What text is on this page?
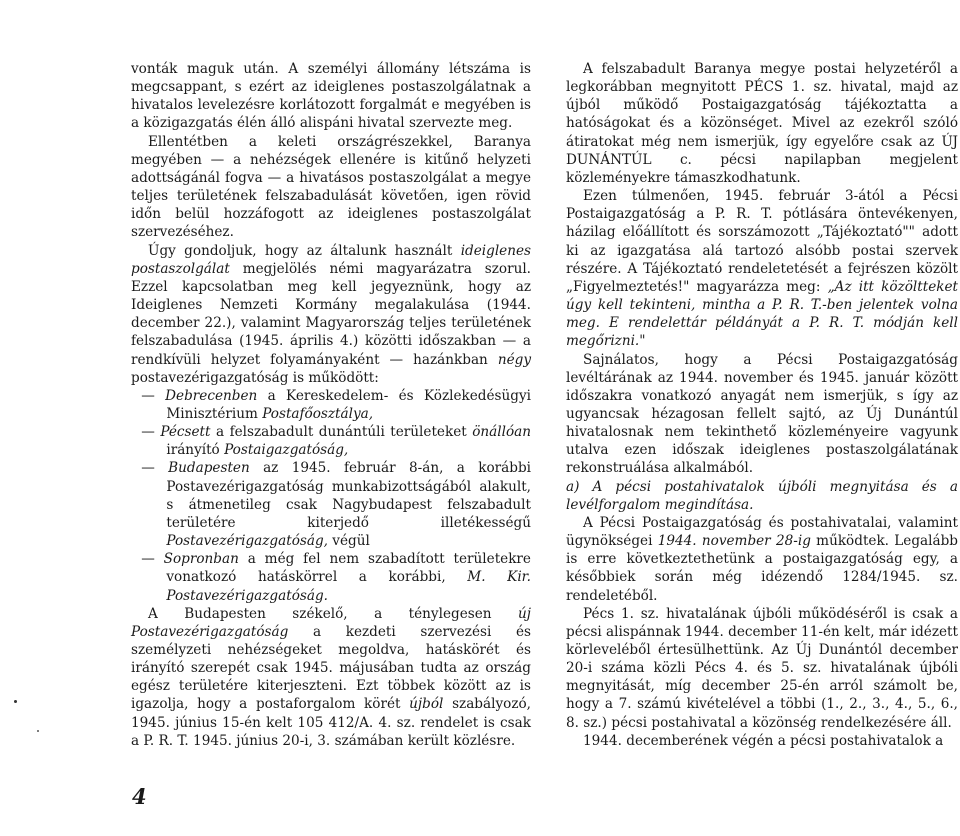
vonták maguk után. A személyi állomány létszáma is megcsappant, s ezért az ideiglenes postaszolgálatnak a hivatalos levelezésre korlátozott forgalmát e megyében is a közigazgatás élén álló alispáni hivatal szervezte meg.

Ellentétben a keleti országrészekkel, Baranya megyében — a nehézségek ellenére is kitűnő helyzeti adottságánál fogva — a hivatásos postaszolgálat a megye teljes területének felszabadulását követően, igen rövid időn belül hozzáfogott az ideiglenes postaszolgálat szervezéséhez.

Úgy gondoljuk, hogy az általunk használt ideiglenes postaszolgálat megjelölés némi magyarázatra szorul. Ezzel kapcsolatban meg kell jegyeznünk, hogy az Ideiglenes Nemzeti Kormány megalakulása (1944. december 22.), valamint Magyarország teljes területének felszabadulása (1945. április 4.) közötti időszakban — a rendkívüli helyzet folyamányaként — hazánkban négy postavezérigazgatóság is működött:

— Debrecenben a Kereskedelem- és Közlekedésügyi Minisztérium Postafőosztálya,

— Pécsett a felszabadult dunántúli területeket önállóan irányító Postaigazgatóság,

— Budapesten az 1945. február 8-án, a korábbi Postavezérigazgatóság munkabizottságából alakult, s átmenetileg csak Nagybudapest felszabadult területére kiterjedő illetékességű Postavezérigazgatóság, végül

— Sopronban a még fel nem szabadított területekre vonatkozó hatáskörrel a korábbi, M. Kir. Postavezérigazgatóság.

A Budapesten székelő, a ténylegesen új Postavezérigazgatóság a kezdeti szervezési és személyzeti nehézségeket megoldva, hatáskörét és irányító szerepét csak 1945. májusában tudta az ország egész területére kiterjeszteni. Ezt többek között az is igazolja, hogy a postaforgalom körét újból szabályozó, 1945. június 15-én kelt 105 412/A. 4. sz. rendelet is csak a P. R. T. 1945. június 20-i, 3. számában került közlésre.

A felszabadult Baranya megye postai helyzetéről a legkorábban megnyitott PÉCS 1. sz. hivatal, majd az újból működő Postaigazgatóság tájékoztatta a hatóságokat és a közönséget. Mivel az ezekről szóló átiratokat még nem ismerjük, így egyelőre csak az ÚJ DUNÁNTÚL c. pécsi napilapban megjelent közleményekre támaszkodhatunk.

Ezen túlmenően, 1945. február 3-ától a Pécsi Postaigazgatóság a P. R. T. pótlására öntevékenyen, házilag előállított és sorszámozott „Tájékoztató"" adott ki az igazgatása alá tartozó alsóbb postai szervek részére. A Tájékoztató rendeletetését a fejrészen közölt „Figyelmeztetés!" magyarázza meg: „Az itt közöltteket úgy kell tekinteni, mintha a P. R. T.-ben jelentek volna meg. E rendelettár példányát a P. R. T. módján kell megőrizni."

Sajnálatos, hogy a Pécsi Postaigazgatóság levéltárának az 1944. november és 1945. január között időszakra vonatkozó anyagát nem ismerjük, s így az ugyancsak hézagosan fellelt sajtó, az Új Dunántúl hivatalosnak nem tekinthető közleményeire vagyunk utalva ezen időszak ideiglenes postaszolgálatának rekonstruálása alkalmából.

a) A pécsi postahivatalok újbóli megnyitása és a levélforgalom megindítása.

A Pécsi Postaigazgatóság és postahivatalai, valamint ügynökségei 1944. november 28-ig működtek. Legalább is erre következtethetünk a postaigazgatóság egy, a későbbiek során még idézendő 1284/1945. sz. rendeletéből.

Pécs 1. sz. hivatalának újbóli működéséről is csak a pécsi alispánnak 1944. december 11-én kelt, már idézett körleveléből értesülhettünk. Az Új Dunántól december 20-i száma közli Pécs 4. és 5. sz. hivatalának újbóli megnyitását, míg december 25-én arról számolt be, hogy a 7. számú kivételével a többi (1., 2., 3., 4., 5., 6., 8. sz.) pécsi postahivatal a közönség rendelkezésére áll.

1944. decemberének végén a pécsi postahivatalok a

4
